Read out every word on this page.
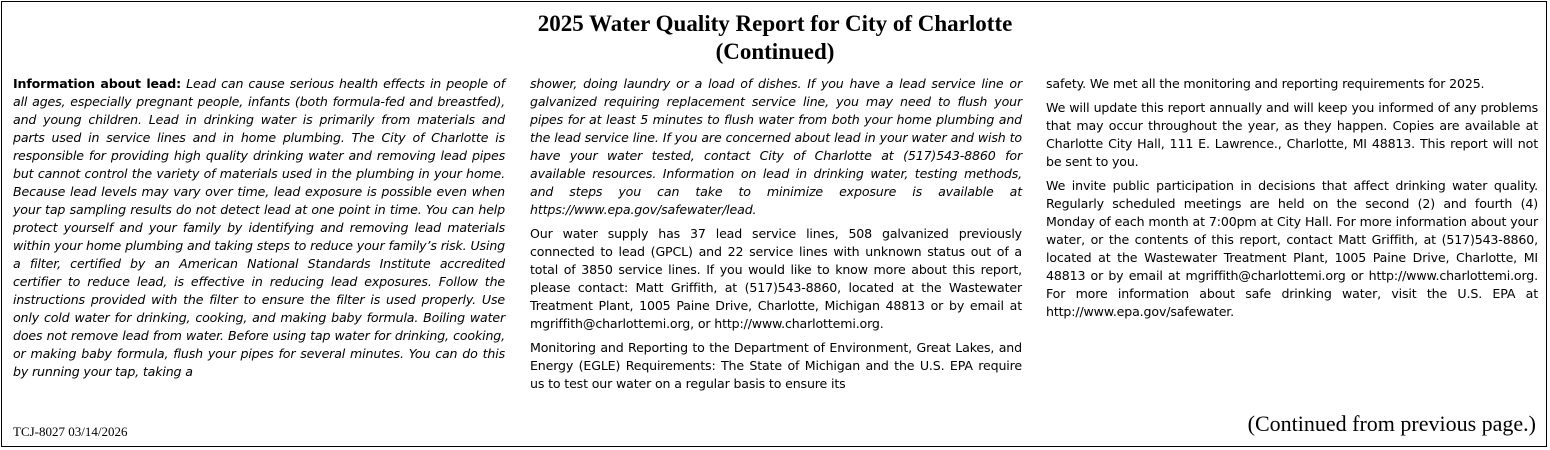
2025 Water Quality Report for City of Charlotte
(Continued)

Information about lead: Lead can cause serious health effects in people of all ages, especially pregnant people, infants (both formula-fed and breastfed), and young children. Lead in drinking water is primarily from materials and parts used in service lines and in home plumbing. The City of Charlotte is responsible for providing high quality drinking water and removing lead pipes but cannot control the variety of materials used in the plumbing in your home. Because lead levels may vary over time, lead exposure is possible even when your tap sampling results do not detect lead at one point in time. You can help protect yourself and your family by identifying and removing lead materials within your home plumbing and taking steps to reduce your family’s risk. Using a filter, certified by an American National Standards Institute accredited certifier to reduce lead, is effective in reducing lead exposures. Follow the instructions provided with the filter to ensure the filter is used properly. Use only cold water for drinking, cooking, and making baby formula. Boiling water does not remove lead from water. Before using tap water for drinking, cooking, or making baby formula, flush your pipes for several minutes. You can do this by running your tap, taking a

shower, doing laundry or a load of dishes. If you have a lead service line or galvanized requiring replacement service line, you may need to flush your pipes for at least 5 minutes to flush water from both your home plumbing and the lead service line. If you are concerned about lead in your water and wish to have your water tested, contact City of Charlotte at (517)543-8860 for available resources. Information on lead in drinking water, testing methods, and steps you can take to minimize exposure is available at https://www.epa.gov/safewater/lead.

Our water supply has 37 lead service lines, 508 galvanized previously connected to lead (GPCL) and 22 service lines with unknown status out of a total of 3850 service lines. If you would like to know more about this report, please contact: Matt Griffith, at (517)543-8860, located at the Wastewater Treatment Plant, 1005 Paine Drive, Charlotte, Michigan 48813 or by email at mgriffith@charlottemi.org, or http://www.charlottemi.org.

Monitoring and Reporting to the Department of Environment, Great Lakes, and Energy (EGLE) Requirements: The State of Michigan and the U.S. EPA require us to test our water on a regular basis to ensure its

safety. We met all the monitoring and reporting requirements for 2025.

We will update this report annually and will keep you informed of any problems that may occur throughout the year, as they happen. Copies are available at Charlotte City Hall, 111 E. Lawrence., Charlotte, MI 48813. This report will not be sent to you.

We invite public participation in decisions that affect drinking water quality. Regularly scheduled meetings are held on the second (2) and fourth (4) Monday of each month at 7:00pm at City Hall. For more information about your water, or the contents of this report, contact Matt Griffith, at (517)543-8860, located at the Wastewater Treatment Plant, 1005 Paine Drive, Charlotte, MI 48813 or by email at mgriffith@charlottemi.org or http://www.charlottemi.org. For more information about safe drinking water, visit the U.S. EPA at http://www.epa.gov/safewater.

TCJ-8027 03/14/2026	(Continued from previous page.)
